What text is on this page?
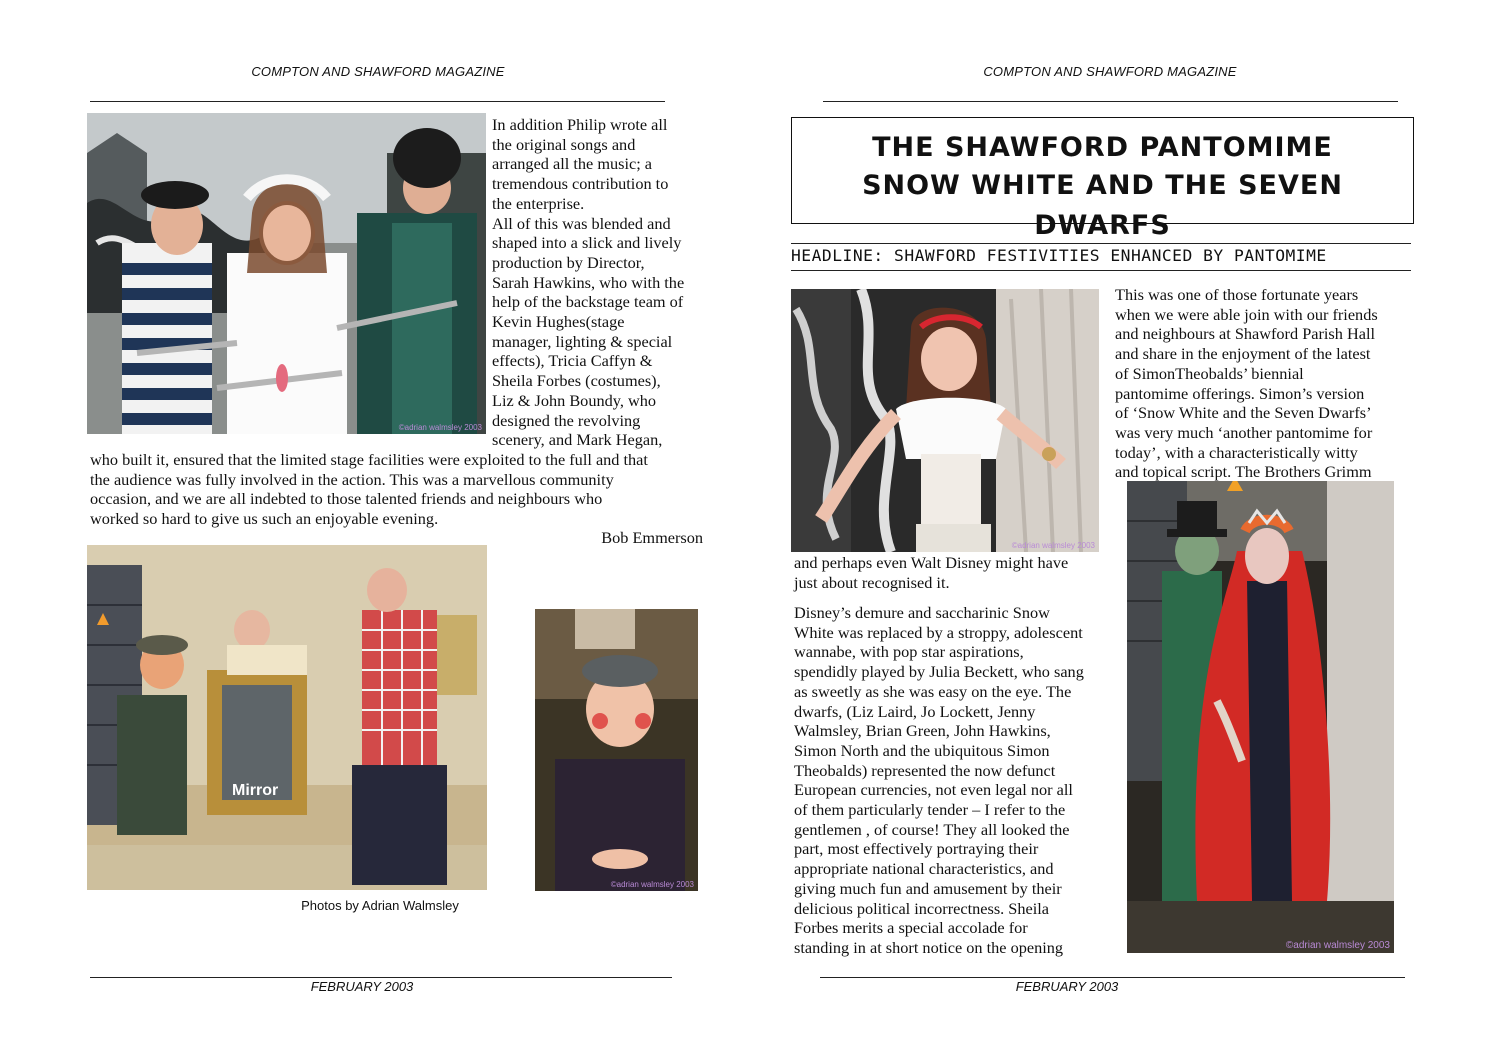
COMPTON AND SHAWFORD MAGAZINE
©adrian walmsley 2003
In addition Philip wrote all
the original songs and
arranged all the music; a
tremendous contribution to
the enterprise.
All of this was blended and
shaped into a slick and lively
production by Director,
Sarah Hawkins, who with the
help of the backstage team of
Kevin Hughes(stage
manager, lighting & special
effects), Tricia Caffyn &
Sheila Forbes (costumes),
Liz & John Boundy, who
designed the revolving
scenery, and Mark Hegan,
who built it, ensured that the limited stage facilities were exploited to the full and that
the audience was fully involved in the action. This was a marvellous community
occasion, and we are all indebted to those talented friends and neighbours who
worked so hard to give us such an enjoyable evening.
Bob Emmerson
Mirror
©adrian walmsley 2003
Photos by Adrian Walmsley
FEBRUARY 2003
COMPTON AND SHAWFORD MAGAZINE
THE SHAWFORD PANTOMIME
SNOW WHITE AND THE SEVEN DWARFS
HEADLINE: SHAWFORD FESTIVITIES ENHANCED BY PANTOMIME
©adrian walmsley 2003
This was one of those fortunate years
when we were able join with our friends
and neighbours at Shawford Parish Hall
and share in the enjoyment of the latest
of SimonTheobalds’ biennial
pantomime offerings. Simon’s version
of ‘Snow White and the Seven Dwarfs’
was very much ‘another pantomime for
today’, with a characteristically witty
and topical script. The Brothers Grimm
©adrian walmsley 2003
and perhaps even Walt Disney might have
just about recognised it.
Disney’s demure and saccharinic Snow
White was replaced by a stroppy, adolescent
wannabe, with pop star aspirations,
spendidly played by Julia Beckett, who sang
as sweetly as she was easy on the eye. The
dwarfs, (Liz Laird, Jo Lockett, Jenny
Walmsley, Brian Green, John Hawkins,
Simon North and the ubiquitous Simon
Theobalds) represented the now defunct
European currencies, not even legal nor all
of them particularly tender – I refer to the
gentlemen , of course! They all looked the
part, most effectively portraying their
appropriate national characteristics, and
giving much fun and amusement by their
delicious political incorrectness. Sheila
Forbes merits a special accolade for
standing in at short notice on the opening
FEBRUARY 2003
